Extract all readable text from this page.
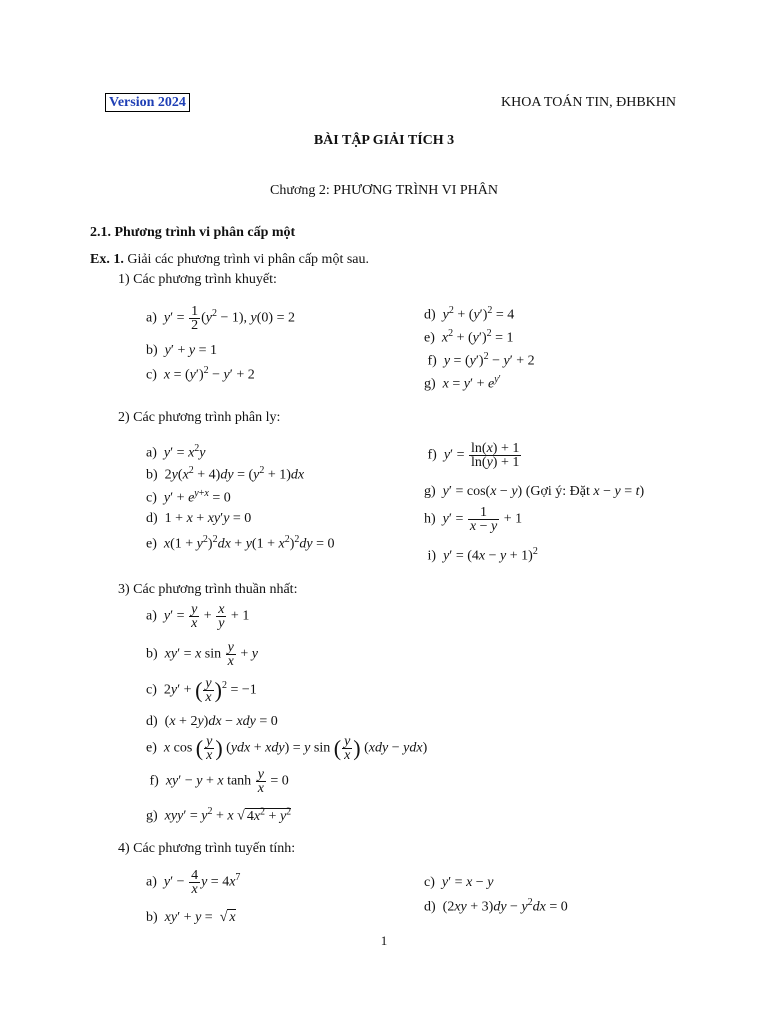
Version 2024	KHOA TOÁN TIN, ĐHBKHN
BÀI TẬP GIẢI TÍCH 3
Chương 2: PHƯƠNG TRÌNH VI PHÂN
2.1. Phương trình vi phân cấp một
Ex. 1. Giải các phương trình vi phân cấp một sau.
1) Các phương trình khuyết:
a)  $y' = \frac{1}{2} (y^2 - 1)$, y(0) = 2
b)  y′ + y = 1
c)  $x = (y')^2 - y' + 2$
d)  $y^2 + (y')^2 = 4$
e)  $x^2 + (y')^2 = 1$
f)  $y = (y')^2 - y' + 2$
g)  $x = y' + e^{y'}$
2) Các phương trình phân ly:
a)  $y' = x^2y$
b)  $2y(x^2 + 4)dy = (y^2 + 1)dx$
c)  $y' + e^{y+x} = 0$
d)  1 + x + xy′y = 0
e)  $x(1 + y^2)^2dx + y(1 + x^2)^2dy = 0$
f)  $y' = \frac{\ln(x) + 1}{\ln(y) + 1}$
g)  y′ = cos(x − y) (Gợi ý: Đặt x − y = t)
h)  $y' = \frac{1}{x - y} + 1$
i)  $y' = (4x - y + 1)^2$
3) Các phương trình thuần nhất:
a)  $y' = \frac{y}{x} + \frac{x}{y} + 1$
b)  xy′ = x $\sin \frac{y}{x} + y$
c)  2y′ + ( $\frac{y}{x} )^2 = -1$
d)  (x + 2y)dx − xdy = 0
e)  x cos ( $\frac{y}{x}$ ) (ydx + xdy) = y sin ( $\frac{y}{x}$ ) (xdy − ydx)
f)  xy′ − y + x $\tanh \frac{y}{x} = 0$
g)  $xyy' = y^2 + x$ √ $4x^2 + y^2$
4) Các phương trình tuyến tính:
a)  $y' - \frac{4}{x}$ $y = 4x^7$
b)  xy′ + y =  √ x
c)  y′ = x − y
d)  $(2xy + 3)dy - y^2dx = 0$
1
